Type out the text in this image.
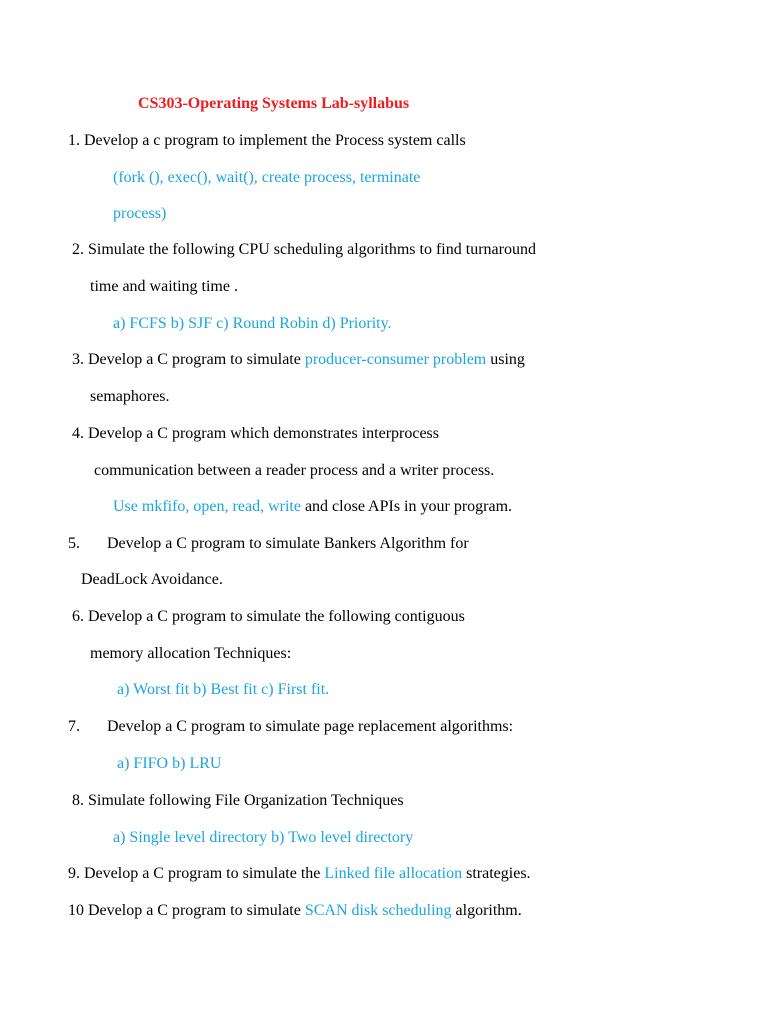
CS303-Operating Systems Lab-syllabus
1. Develop a c program to implement the Process system calls
(fork (), exec(), wait(), create process, terminate
process)
2. Simulate the following CPU scheduling algorithms to find turnaround
time and waiting time .
a) FCFS b) SJF c) Round Robin d) Priority.
3. Develop a C program to simulate producer-consumer problem using
semaphores.
4. Develop a C program which demonstrates interprocess
communication between a reader process and a writer process.
Use mkfifo, open, read, write and close APIs in your program.
5. Develop a C program to simulate Bankers Algorithm for
DeadLock Avoidance.
6. Develop a C program to simulate the following contiguous
memory allocation Techniques:
a) Worst fit b) Best fit c) First fit.
7. Develop a C program to simulate page replacement algorithms:
a) FIFO b) LRU
8. Simulate following File Organization Techniques
a) Single level directory b) Two level directory
9. Develop a C program to simulate the Linked file allocation strategies.
10 Develop a C program to simulate SCAN disk scheduling algorithm.
